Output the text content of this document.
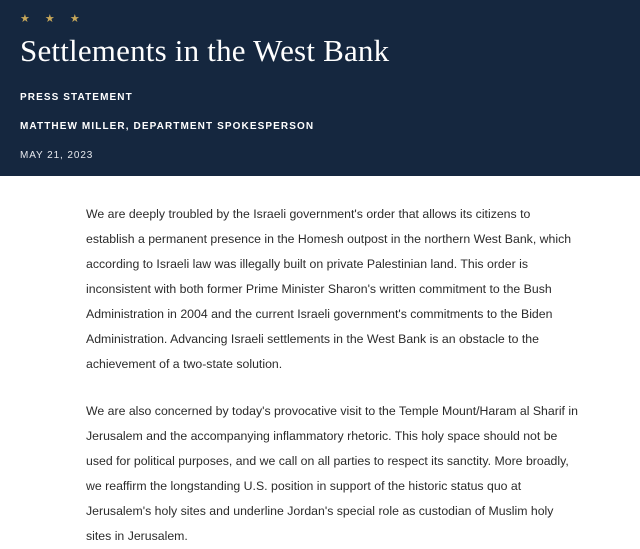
★ ★ ★
Settlements in the West Bank
PRESS STATEMENT
MATTHEW MILLER, DEPARTMENT SPOKESPERSON
MAY 21, 2023

We are deeply troubled by the Israeli government's order that allows its citizens to establish a permanent presence in the Homesh outpost in the northern West Bank, which according to Israeli law was illegally built on private Palestinian land. This order is inconsistent with both former Prime Minister Sharon's written commitment to the Bush Administration in 2004 and the current Israeli government's commitments to the Biden Administration. Advancing Israeli settlements in the West Bank is an obstacle to the achievement of a two-state solution.

We are also concerned by today's provocative visit to the Temple Mount/Haram al Sharif in Jerusalem and the accompanying inflammatory rhetoric. This holy space should not be used for political purposes, and we call on all parties to respect its sanctity. More broadly, we reaffirm the longstanding U.S. position in support of the historic status quo at Jerusalem's holy sites and underline Jordan's special role as custodian of Muslim holy sites in Jerusalem.
